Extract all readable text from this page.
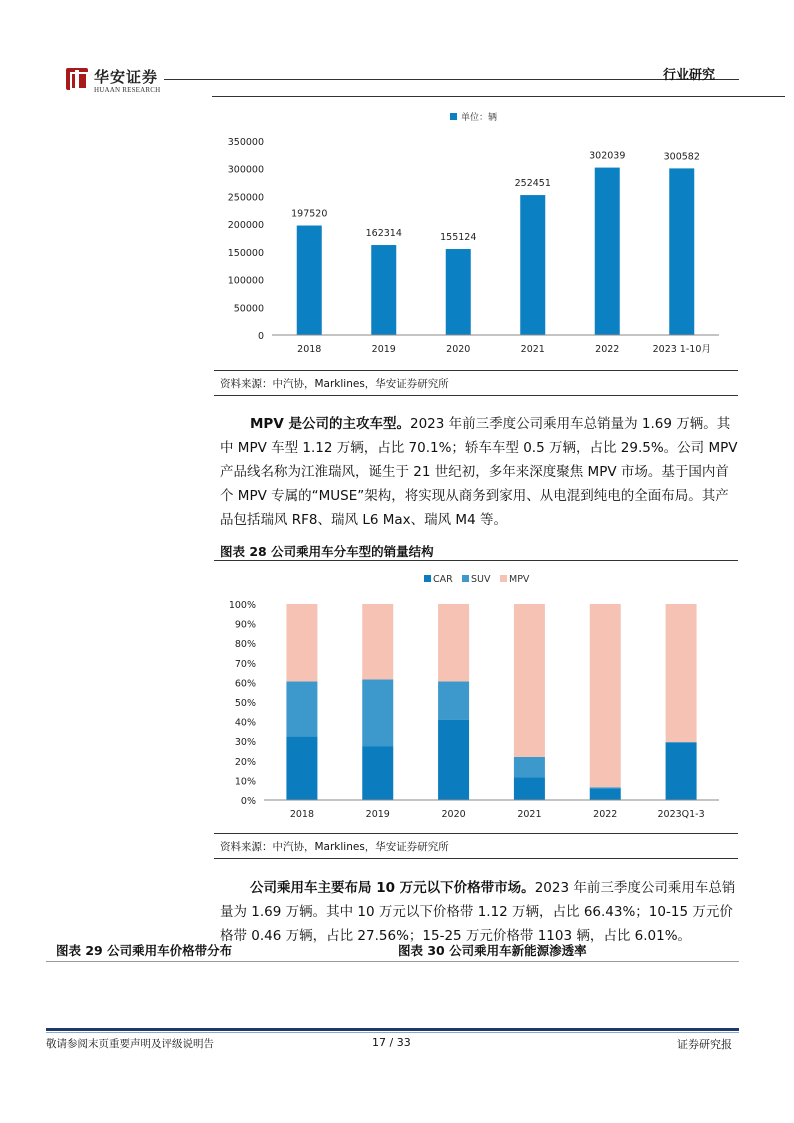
华安证券
HUAAN RESEARCH
行业研究
单位：辆
0
50000
100000
150000
200000
250000
300000
350000
197520
162314	155124
252451
302039	300582
2018	2019	2020	2021	2022	2023 1-10月
资料来源：中汽协，Marklines，华安证券研究所
MPV 是公司的主攻车型。2023 年前三季度公司乘用车总销量为 1.69 万辆。其中 MPV 车型 1.12 万辆，占比 70.1%；轿车车型 0.5 万辆，占比 29.5%。公司 MPV 产品线名称为江淮瑞风，诞生于 21 世纪初，多年来深度聚焦 MPV 市场。基于国内首个 MPV 专属的“MUSE”架构，将实现从商务到家用、从电混到纯电的全面布局。其产品包括瑞风 RF8、瑞风 L6 Max、瑞风 M4 等。
图表 28 公司乘用车分车型的销量结构
CAR SUV MPV
0%
10%
20%
30%
40%
50%
60%
70%
80%
90%
100%
2018	2019	2020	2021	2022	2023Q1-3
资料来源：中汽协，Marklines，华安证券研究所
公司乘用车主要布局 10 万元以下价格带市场。2023 年前三季度公司乘用车总销量为 1.69 万辆。其中 10 万元以下价格带 1.12 万辆，占比 66.43%；10-15 万元价格带 0.46 万辆，占比 27.56%；15-25 万元价格带 1103 辆，占比 6.01%。
图表 29 公司乘用车价格带分布	图表 30 公司乘用车新能源渗透率
敬请参阅末页重要声明及评级说明告	17 / 33	证券研究报
